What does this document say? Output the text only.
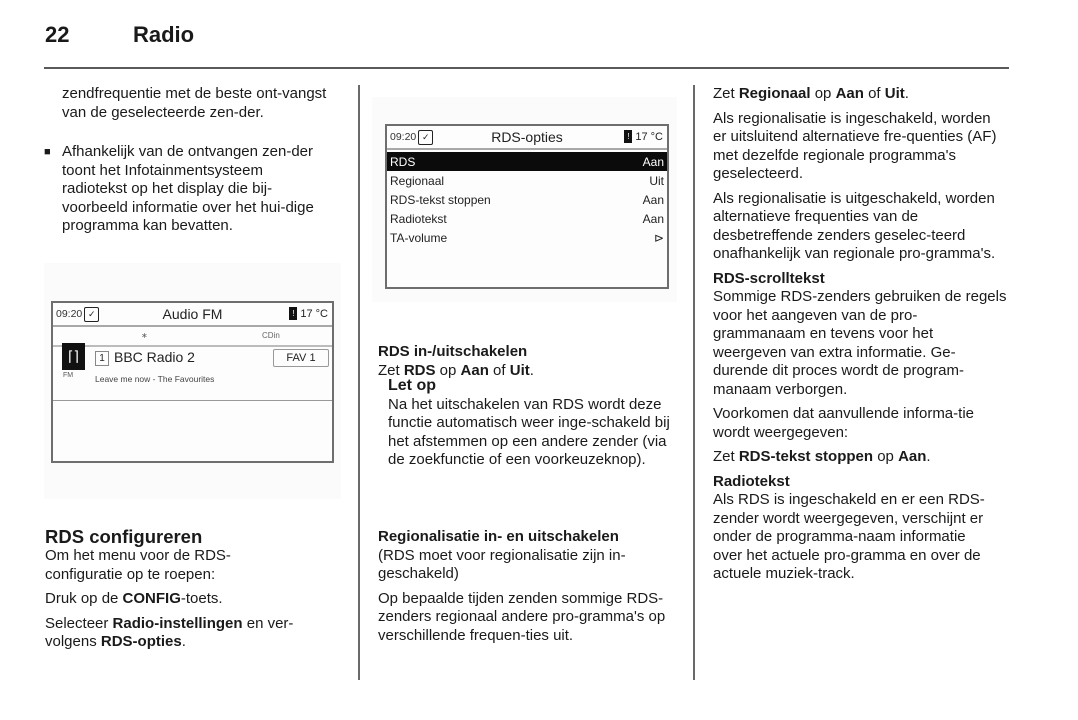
22	Radio

zendfrequentie met de beste ont-vangst van de geselecteerde zen-der.

■ Afhankelijk van de ontvangen zen-der toont het Infotainmentsysteem radiotekst op het display die bij-voorbeeld informatie over het hui-dige programma kan bevatten.
09:20 ✓	Audio FM	! 17 °C
∗	CDin
⌈⌉
FM
1 BBC Radio 2	FAV 1
Leave me now - The Favourites
RDS configureren

Om het menu voor de RDS-configuratie op te roepen:

Druk op de CONFIG-toets.

Selecteer Radio-instellingen en ver-volgens RDS-opties.

09:20 ✓	RDS-opties	! 17 °C
RDS	Aan
Regionaal	Uit
RDS-tekst stoppen	Aan
Radiotekst	Aan
TA-volume	⊳
RDS in-/uitschakelen

Zet RDS op Aan of Uit.

Let op

Na het uitschakelen van RDS wordt deze functie automatisch weer inge-schakeld bij het afstemmen op een andere zender (via de zoekfunctie of een voorkeuzeknop).

Regionalisatie in- en uitschakelen

(RDS moet voor regionalisatie zijn in-geschakeld)

Op bepaalde tijden zenden sommige RDS-zenders regionaal andere pro-gramma's op verschillende frequen-ties uit.

Zet Regionaal op Aan of Uit.

Als regionalisatie is ingeschakeld, worden er uitsluitend alternatieve fre-quenties (AF) met dezelfde regionale programma's geselecteerd.

Als regionalisatie is uitgeschakeld, worden alternatieve frequenties van de desbetreffende zenders geselec-teerd onafhankelijk van regionale pro-gramma's.

RDS-scrolltekst

Sommige RDS-zenders gebruiken de regels voor het aangeven van de pro-grammanaam en tevens voor het weergeven van extra informatie. Ge-durende dit proces wordt de program-manaam verborgen.

Voorkomen dat aanvullende informa-tie wordt weergegeven:

Zet RDS-tekst stoppen op Aan.

Radiotekst

Als RDS is ingeschakeld en er een RDS-zender wordt weergegeven, verschijnt er onder de programma-naam informatie over het actuele pro-gramma en over de actuele muziek-track.
